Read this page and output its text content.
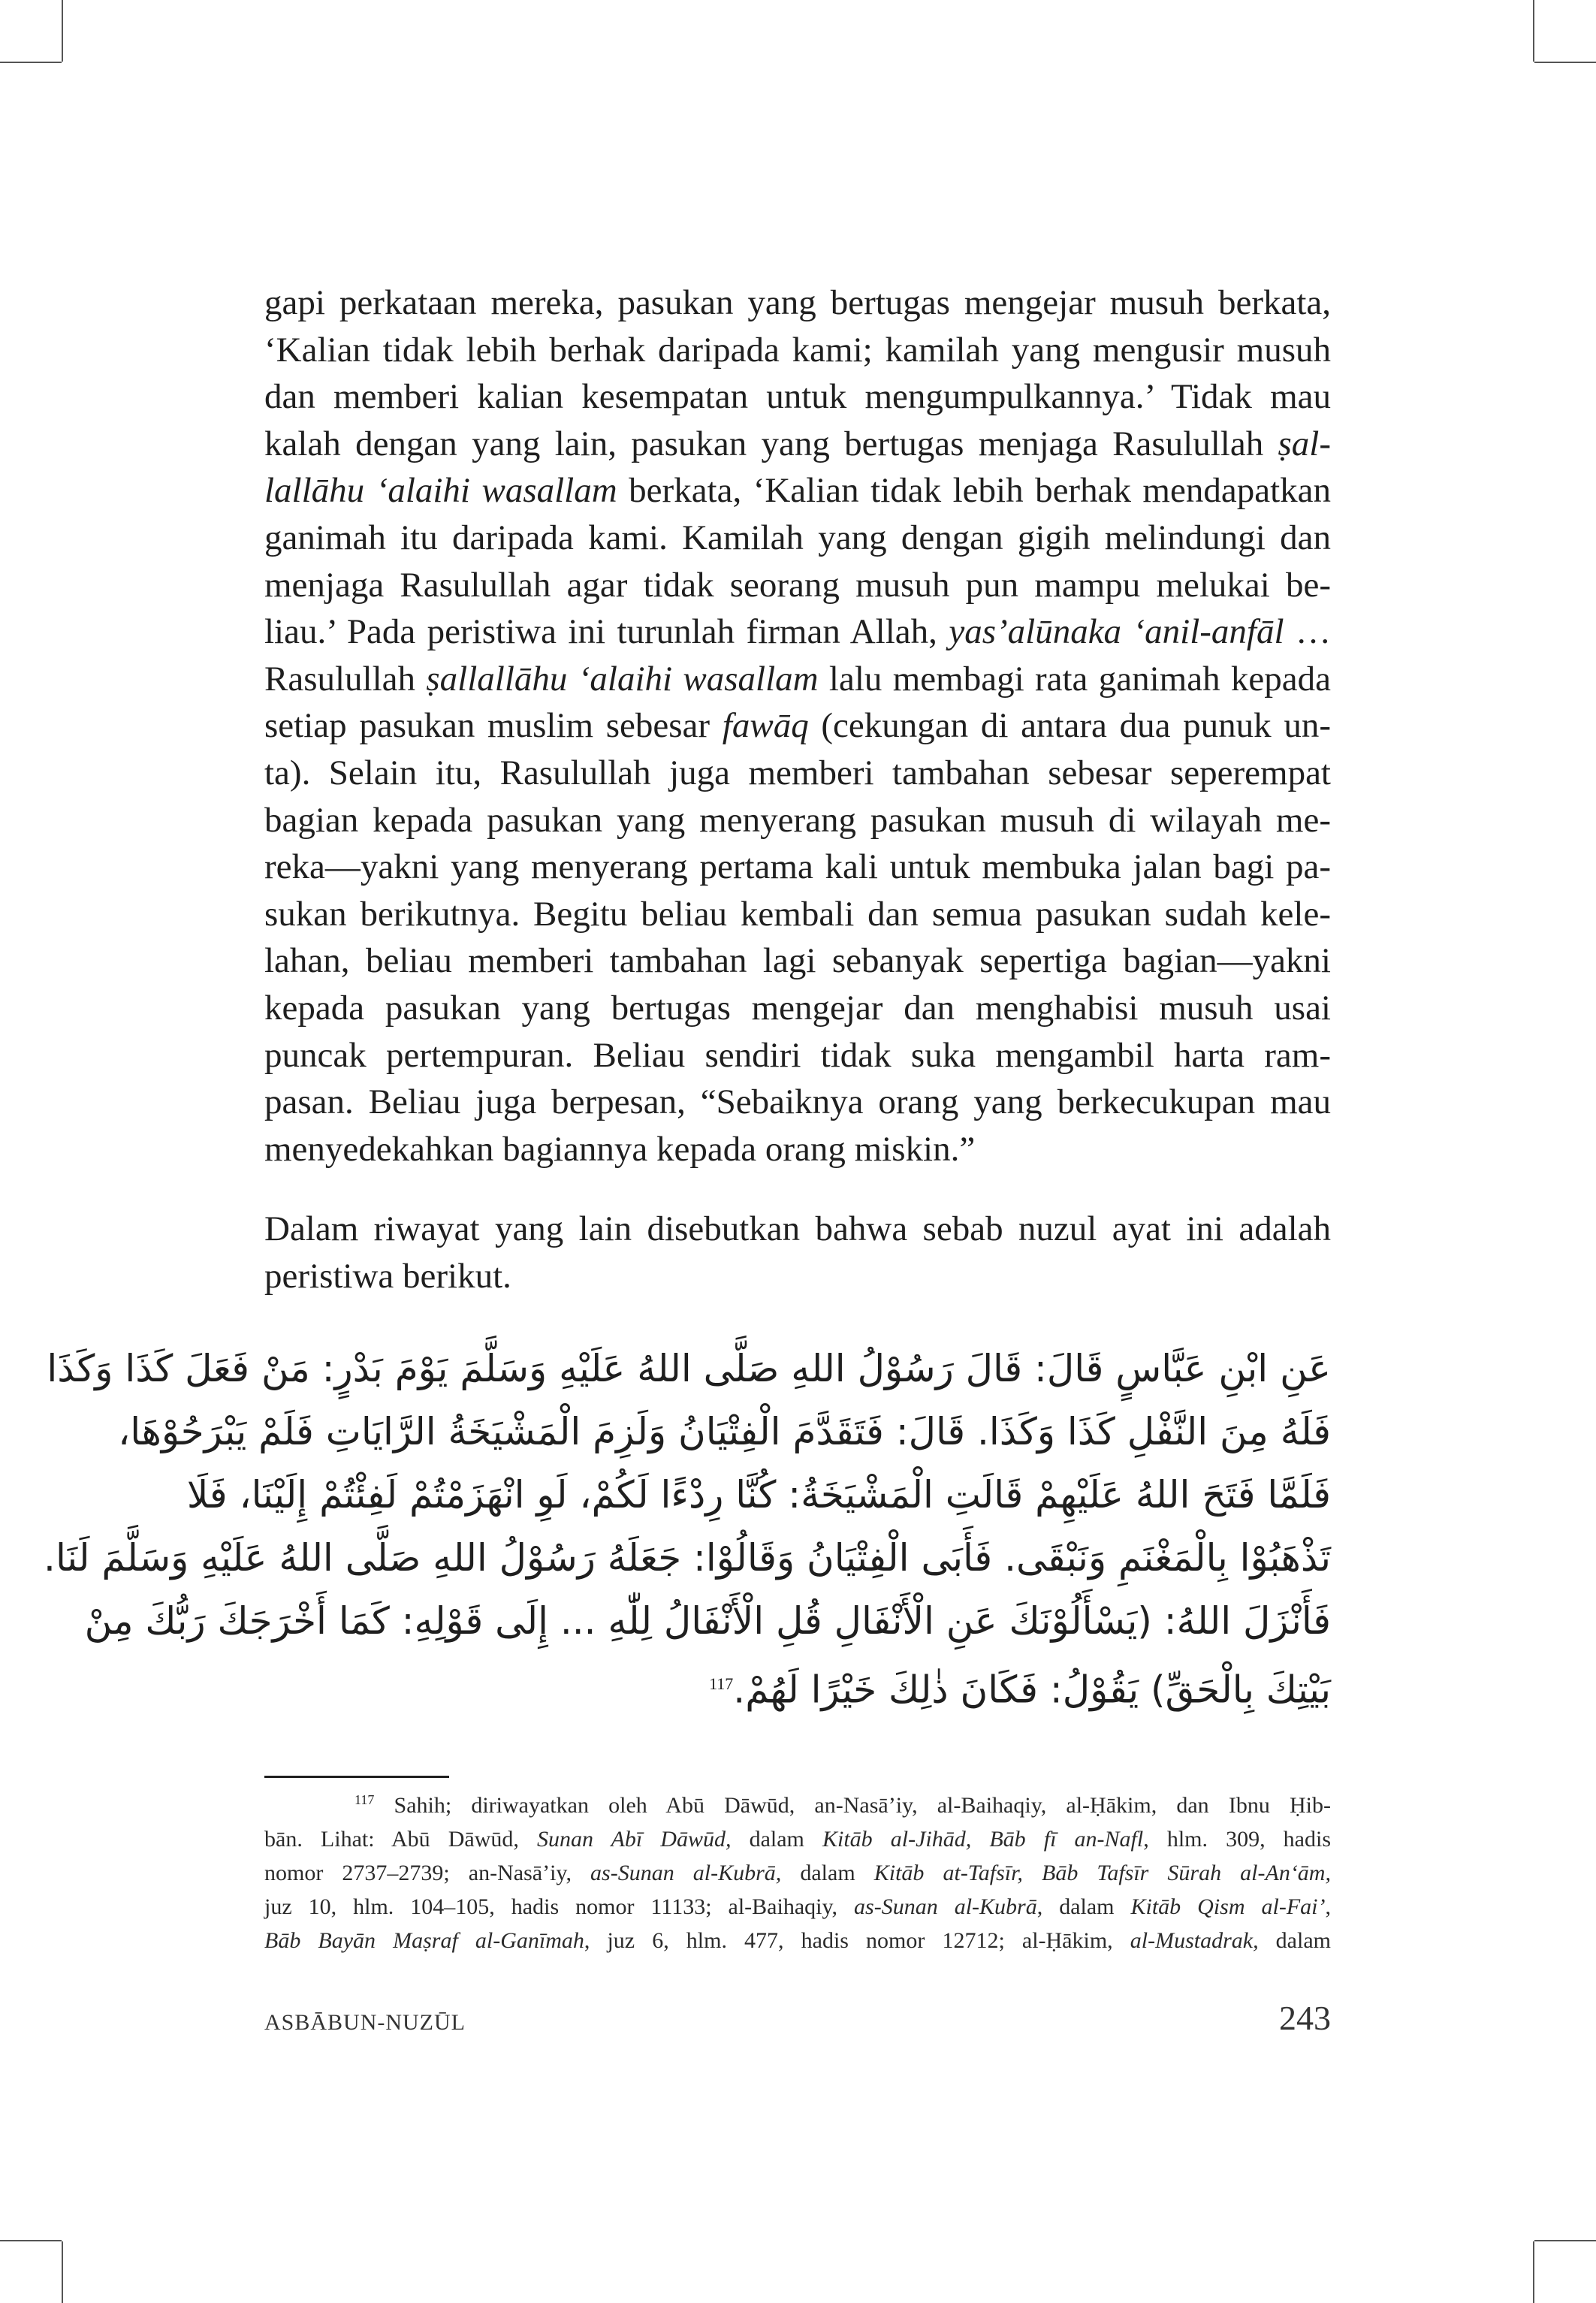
gapi perkataan mereka, pasukan yang bertugas mengejar musuh berkata,
‘Kalian tidak lebih berhak daripada kami; kamilah yang mengusir musuh
dan memberi kalian kesempatan untuk mengumpulkannya.’ Tidak mau
kalah dengan yang lain, pasukan yang bertugas menjaga Rasulullah ṣal-
lallāhu ‘alaihi wasallam berkata, ‘Kalian tidak lebih berhak mendapatkan
ganimah itu daripada kami. Kamilah yang dengan gigih melindungi dan
menjaga Rasulullah agar tidak seorang musuh pun mampu melukai be-
liau.’ Pada peristiwa ini turunlah firman Allah, yas’alūnaka ‘anil-anfāl …
Rasulullah ṣallallāhu ‘alaihi wasallam lalu membagi rata ganimah kepada
setiap pasukan muslim sebesar fawāq (cekungan di antara dua punuk un-
ta). Selain itu, Rasulullah juga memberi tambahan sebesar seperempat
bagian kepada pasukan yang menyerang pasukan musuh di wilayah me-
reka—yakni yang menyerang pertama kali untuk membuka jalan bagi pa-
sukan berikutnya. Begitu beliau kembali dan semua pasukan sudah kele-
lahan, beliau memberi tambahan lagi sebanyak sepertiga bagian—yakni
kepada pasukan yang bertugas mengejar dan menghabisi musuh usai
puncak pertempuran. Beliau sendiri tidak suka mengambil harta ram-
pasan. Beliau juga berpesan, “Sebaiknya orang yang berkecukupan mau
menyedekahkan bagiannya kepada orang miskin.”
Dalam riwayat yang lain disebutkan bahwa sebab nuzul ayat ini adalah
peristiwa berikut.
عَنِ ابْنِ عَبَّاسٍ قَالَ: قَالَ رَسُوْلُ اللهِ صَلَّى اللهُ عَلَيْهِ وَسَلَّمَ يَوْمَ بَدْرٍ: مَنْ فَعَلَ كَذَا وَكَذَا
فَلَهُ مِنَ النَّفْلِ كَذَا وَكَذَا. قَالَ: فَتَقَدَّمَ الْفِتْيَانُ وَلَزِمَ الْمَشْيَخَةُ الرَّايَاتِ فَلَمْ يَبْرَحُوْهَا،
فَلَمَّا فَتَحَ اللهُ عَلَيْهِمْ قَالَتِ الْمَشْيَخَةُ: كُنَّا رِدْءًا لَكُمْ، لَوِ انْهَزَمْتُمْ لَفِئْتُمْ إِلَيْنَا، فَلَا
تَذْهَبُوْا بِالْمَغْنَمِ وَنَبْقَى. فَأَبَى الْفِتْيَانُ وَقَالُوْا: جَعَلَهُ رَسُوْلُ اللهِ صَلَّى اللهُ عَلَيْهِ وَسَلَّمَ لَنَا.
فَأَنْزَلَ اللهُ: (يَسْأَلُوْنَكَ عَنِ الْأَنْفَالِ قُلِ الْأَنْفَالُ لِلّٰهِ ... إِلَى قَوْلِهِ: كَمَا أَخْرَجَكَ رَبُّكَ مِنْ
بَيْتِكَ بِالْحَقِّ) يَقُوْلُ: فَكَانَ ذٰلِكَ خَيْرًا لَهُمْ.$^{117}$
$^{117}$ Sahih; diriwayatkan oleh Abū Dāwūd, an-Nasā’iy, al-Baihaqiy, al-Ḥākim, dan Ibnu Ḥib-
bān. Lihat: Abū Dāwūd, Sunan Abī Dāwūd, dalam Kitāb al-Jihād, Bāb fī an-Nafl, hlm. 309, hadis
nomor 2737–2739; an-Nasā’iy, as-Sunan al-Kubrā, dalam Kitāb at-Tafsīr, Bāb Tafsīr Sūrah al-An‘ām,
juz 10, hlm. 104–105, hadis nomor 11133; al-Baihaqiy, as-Sunan al-Kubrā, dalam Kitāb Qism al-Fai’,
Bāb Bayān Maṣraf al-Ganīmah, juz 6, hlm. 477, hadis nomor 12712; al-Ḥākim, al-Mustadrak, dalam
ASBĀBUN-NUZŪL	243
